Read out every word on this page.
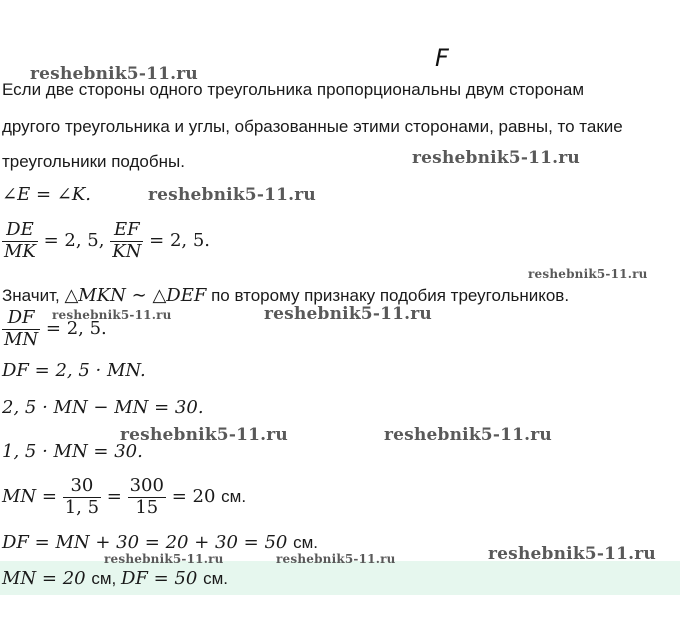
F
Если две стороны одного треугольника пропорциональны двум сторонам
другого треугольника и углы, образованные этими сторонами, равны, то такие
треугольники подобны.
∠E = ∠K.
$\frac{DE}{MK} = 2$, 5, $\frac{EF}{KN} = 2$, 5.
Значит, △MKN ∼ △DEF по второму признаку подобия треугольников.
$\frac{DF}{MN} = 2$, 5.
DF = 2, 5 · MN.
2, 5 · MN − MN = 30.
1, 5 · MN = 30.
MN = $\frac{30}{1, 5} = \frac{300}{15} = 20$ см.
DF = MN + 30 = 20 + 30 = 50 см.
MN = 20 см, DF = 50 см.
reshebnik5-11.ru
reshebnik5-11.ru
reshebnik5-11.ru
reshebnik5-11.ru
reshebnik5-11.ru	reshebnik5-11.ru
reshebnik5-11.ru	reshebnik5-11.ru
reshebnik5-11.ru	reshebnik5-11.ru	reshebnik5-11.ru
